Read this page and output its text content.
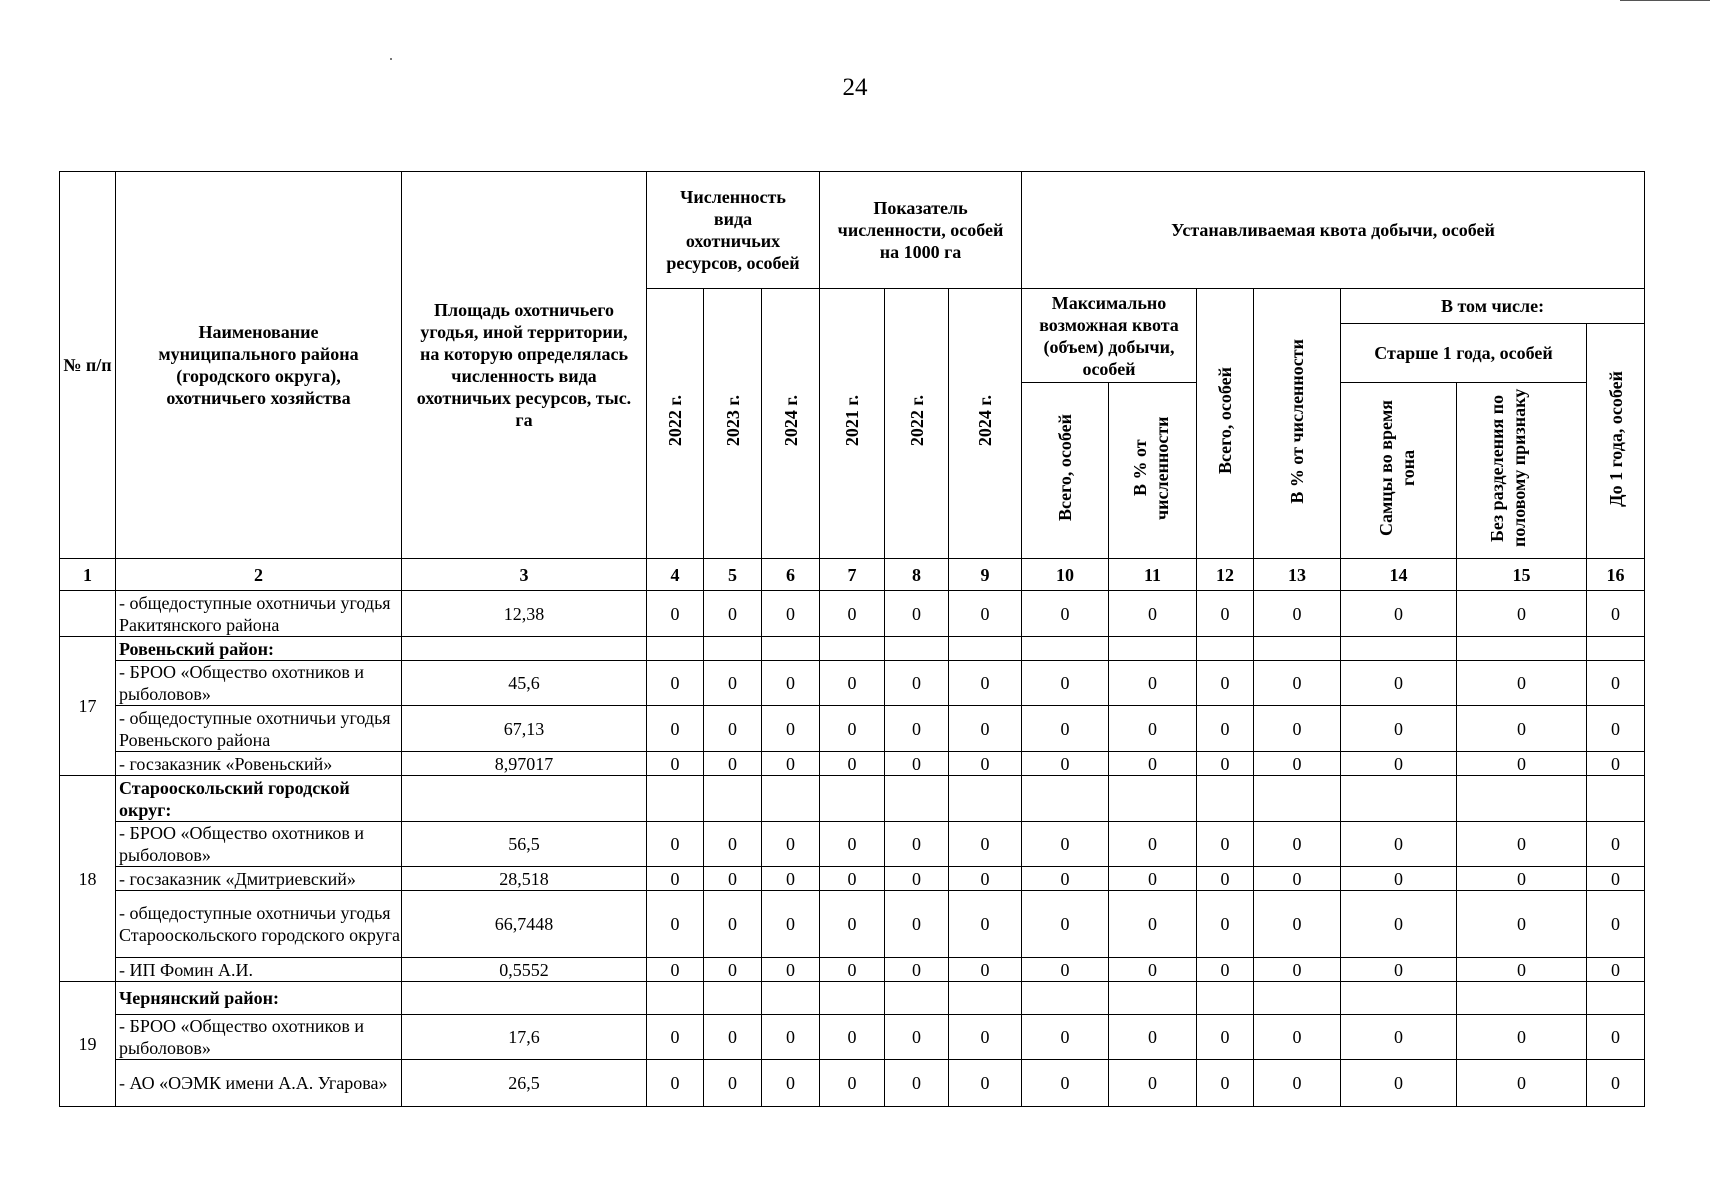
24
№ п/п	Наименование муниципального района (городского округа), охотничьего хозяйства	Площадь охотничьего угодья, иной территории, на которую определялась численность вида охотничьих ресурсов, тыс. га	Численность вида охотничьих ресурсов, особей			Показатель численности, особей на 1000 га			Устанавливаемая квота добычи, особей						
			2022 г.	2023 г.	2024 г.	2021 г.	2022 г.	2024 г.	Максимально возможная квота (объем) добычи, особей		Всего, особей	В % от численности	В том числе:		
													Старше 1 года, особей		До 1 года, особей
									Всего, особей	В % от численности			Самцы во время гона	Без разделения по половому признаку	
1	2	3	4	5	6	7	8	9	10	11	12	13	14	15	16
	- общедоступные охотничьи угодья Ракитянского района	12,38	0	0	0	0	0	0	0	0	0	0	0	0	0
17	Ровеньский район:														
	- БРОО «Общество охотников и рыболовов»	45,6	0	0	0	0	0	0	0	0	0	0	0	0	0
	- общедоступные охотничьи угодья Ровеньского района	67,13	0	0	0	0	0	0	0	0	0	0	0	0	0
	- госзаказник «Ровеньский»	8,97017	0	0	0	0	0	0	0	0	0	0	0	0	0
18	Старооскольский городской округ:														
	- БРОО «Общество охотников и рыболовов»	56,5	0	0	0	0	0	0	0	0	0	0	0	0	0
	- госзаказник «Дмитриевский»	28,518	0	0	0	0	0	0	0	0	0	0	0	0	0
	- общедоступные охотничьи угодья Старооскольского городского округа	66,7448	0	0	0	0	0	0	0	0	0	0	0	0	0
	- ИП Фомин А.И.	0,5552	0	0	0	0	0	0	0	0	0	0	0	0	0
19	Чернянский район:														
	- БРОО «Общество охотников и рыболовов»	17,6	0	0	0	0	0	0	0	0	0	0	0	0	0
	- АО «ОЭМК имени А.А. Угарова»	26,5	0	0	0	0	0	0	0	0	0	0	0	0	0
